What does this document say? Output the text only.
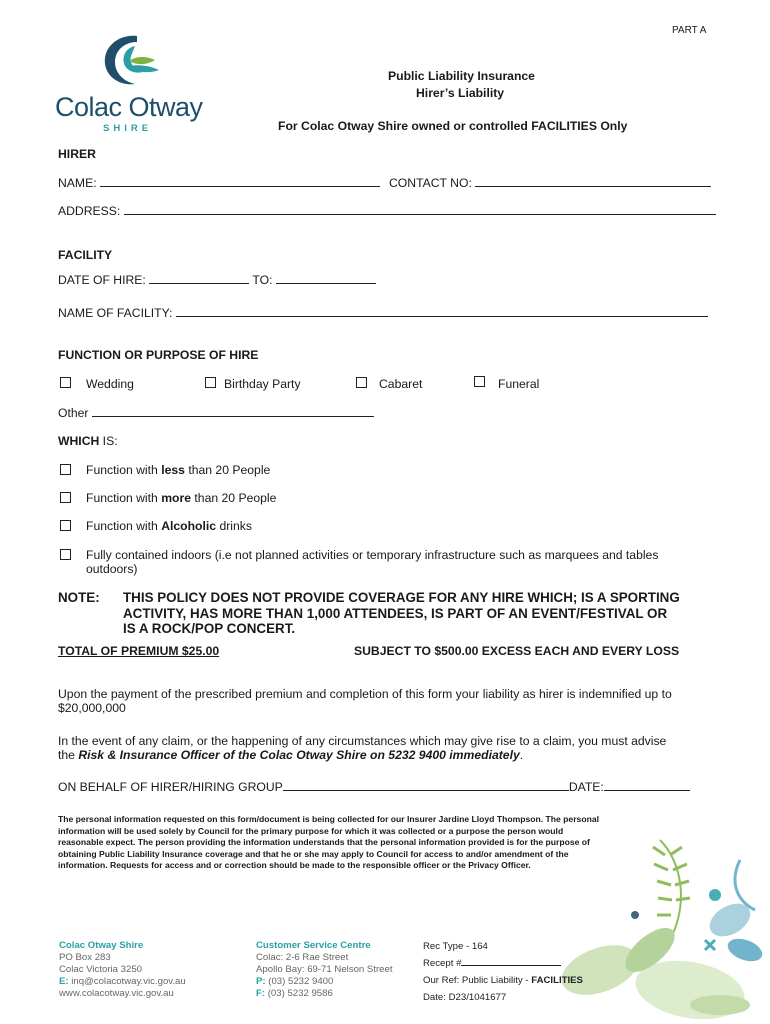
PART A
Colac Otway
SHIRE
Public Liability Insurance
Hirer’s Liability
For Colac Otway Shire owned or controlled FACILITIES Only
HIRER
NAME:	CONTACT NO:
ADDRESS:
FACILITY
DATE OF HIRE:	TO:
NAME OF FACILITY:
FUNCTION OR PURPOSE OF HIRE
Wedding	Birthday Party	Cabaret	Funeral
Other
WHICH IS:
Function with less than 20 People
Function with more than 20 People
Function with Alcoholic drinks
Fully contained indoors (i.e not planned activities or temporary infrastructure such as marquees and tables
outdoors)
NOTE: THIS POLICY DOES NOT PROVIDE COVERAGE FOR ANY HIRE WHICH; IS A SPORTING
ACTIVITY, HAS MORE THAN 1,000 ATTENDEES, IS PART OF AN EVENT/FESTIVAL OR
IS A ROCK/POP CONCERT.
TOTAL OF PREMIUM $25.00	SUBJECT TO $500.00 EXCESS EACH AND EVERY LOSS
Upon the payment of the prescribed premium and completion of this form your liability as hirer is indemnified up to
$20,000,000
In the event of any claim, or the happening of any circumstances which may give rise to a claim, you must advise
the Risk & Insurance Officer of the Colac Otway Shire on 5232 9400 immediately.
ON BEHALF OF HIRER/HIRING GROUP	DATE:
The personal information requested on this form/document is being collected for our Insurer Jardine Lloyd Thompson. The personal
information will be used solely by Council for the primary purpose for which it was collected or a purpose the person would
reasonable expect. The person providing the information understands that the personal information provided is for the purpose of
obtaining Public Liability Insurance coverage and that he or she may apply to Council for access to and/or amendment of the
information. Requests for access and or correction should be made to the responsible officer or the Privacy Officer.
Colac Otway Shire
PO Box 283
Colac Victoria 3250
E: inq@colacotway.vic.gov.au
www.colacotway.vic.gov.au
Customer Service Centre
Colac: 2-6 Rae Street
Apollo Bay: 69-71 Nelson Street
P: (03) 5232 9400
F: (03) 5232 9586
Rec Type - 164
Recept #
Our Ref: Public Liability - FACILITIES
Date: D23/1041677
